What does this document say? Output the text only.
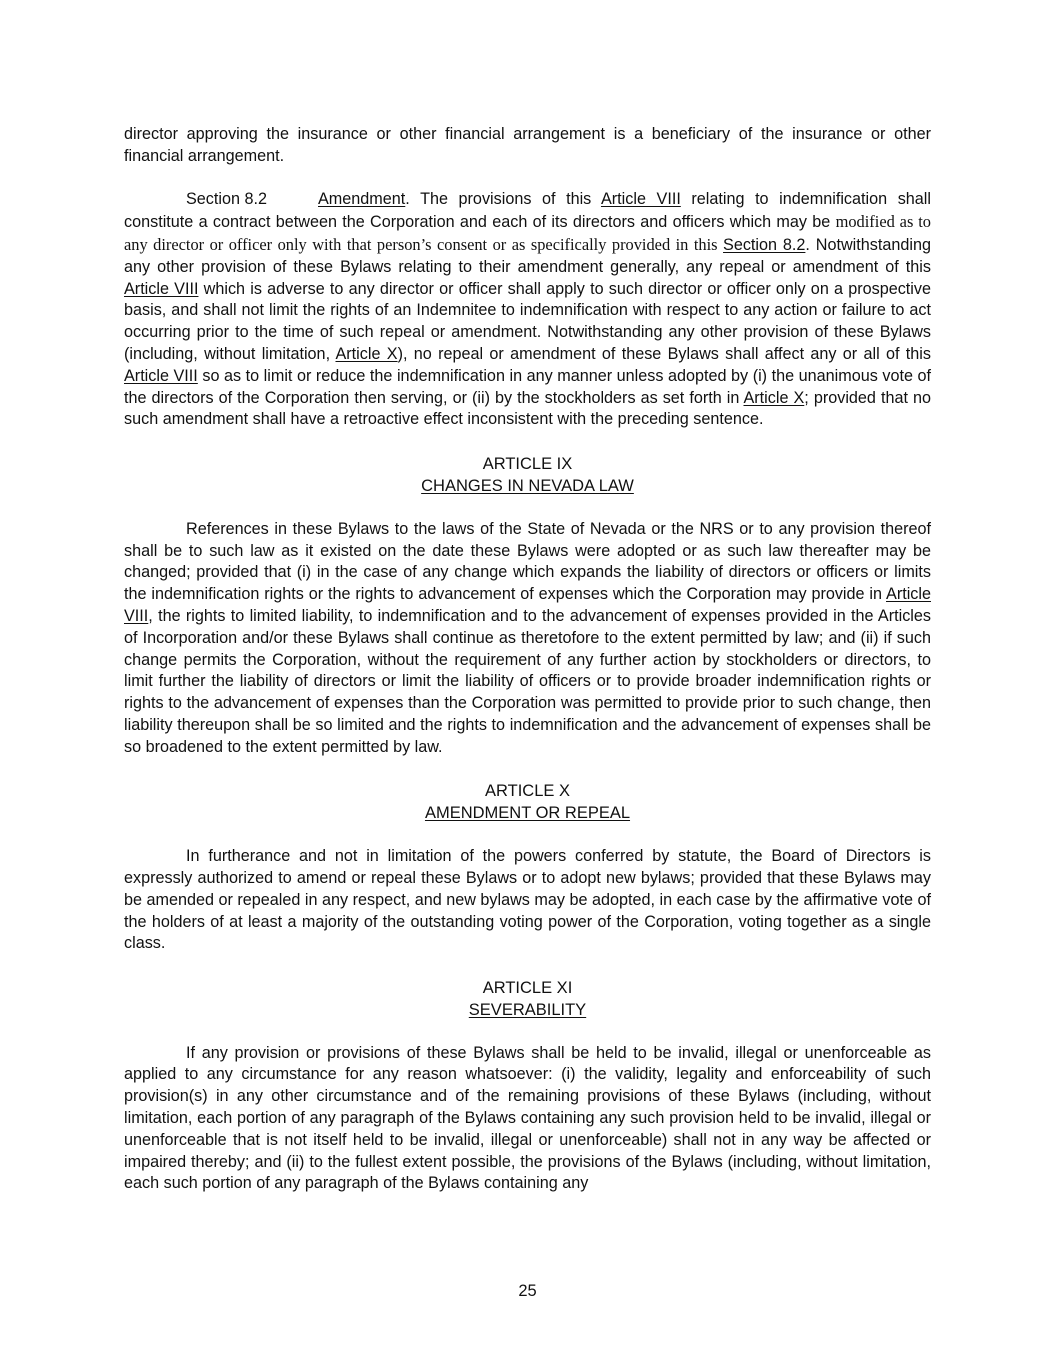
director approving the insurance or other financial arrangement is a beneficiary of the insurance or other financial arrangement.

Section 8.2	Amendment. The provisions of this Article VIII relating to indemnification shall constitute a contract between the Corporation and each of its directors and officers which may be modified as to any director or officer only with that person’s consent or as specifically provided in this Section 8.2. Notwithstanding any other provision of these Bylaws relating to their amendment generally, any repeal or amendment of this Article VIII which is adverse to any director or officer shall apply to such director or officer only on a prospective basis, and shall not limit the rights of an Indemnitee to indemnification with respect to any action or failure to act occurring prior to the time of such repeal or amendment. Notwithstanding any other provision of these Bylaws (including, without limitation, Article X), no repeal or amendment of these Bylaws shall affect any or all of this Article VIII so as to limit or reduce the indemnification in any manner unless adopted by (i) the unanimous vote of the directors of the Corporation then serving, or (ii) by the stockholders as set forth in Article X; provided that no such amendment shall have a retroactive effect inconsistent with the preceding sentence.

ARTICLE IX
CHANGES IN NEVADA LAW

References in these Bylaws to the laws of the State of Nevada or the NRS or to any provision thereof shall be to such law as it existed on the date these Bylaws were adopted or as such law thereafter may be changed; provided that (i) in the case of any change which expands the liability of directors or officers or limits the indemnification rights or the rights to advancement of expenses which the Corporation may provide in Article VIII, the rights to limited liability, to indemnification and to the advancement of expenses provided in the Articles of Incorporation and/or these Bylaws shall continue as theretofore to the extent permitted by law; and (ii) if such change permits the Corporation, without the requirement of any further action by stockholders or directors, to limit further the liability of directors or limit the liability of officers or to provide broader indemnification rights or rights to the advancement of expenses than the Corporation was permitted to provide prior to such change, then liability thereupon shall be so limited and the rights to indemnification and the advancement of expenses shall be so broadened to the extent permitted by law.

ARTICLE X
AMENDMENT OR REPEAL

In furtherance and not in limitation of the powers conferred by statute, the Board of Directors is expressly authorized to amend or repeal these Bylaws or to adopt new bylaws; provided that these Bylaws may be amended or repealed in any respect, and new bylaws may be adopted, in each case by the affirmative vote of the holders of at least a majority of the outstanding voting power of the Corporation, voting together as a single class.

ARTICLE XI
SEVERABILITY

If any provision or provisions of these Bylaws shall be held to be invalid, illegal or unenforceable as applied to any circumstance for any reason whatsoever: (i) the validity, legality and enforceability of such provision(s) in any other circumstance and of the remaining provisions of these Bylaws (including, without limitation, each portion of any paragraph of the Bylaws containing any such provision held to be invalid, illegal or unenforceable that is not itself held to be invalid, illegal or unenforceable) shall not in any way be affected or impaired thereby; and (ii) to the fullest extent possible, the provisions of the Bylaws (including, without limitation, each such portion of any paragraph of the Bylaws containing any

25
